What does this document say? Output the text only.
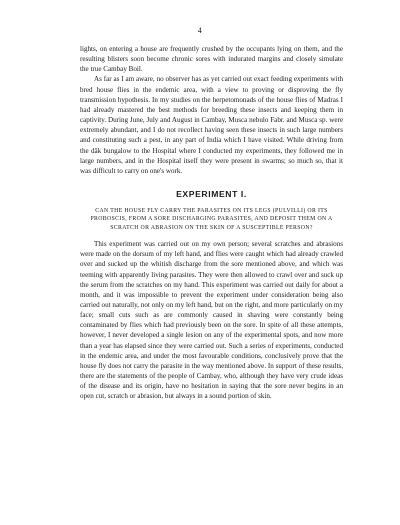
4

lights, on entering a house are frequently crushed by the occupants lying on them, and the resulting blisters soon become chronic sores with indurated margins and closely simulate the true Cambay Boil.

As far as I am aware, no observer has as yet carried out exact feeding experiments with bred house flies in the endemic area, with a view to proving or disproving the fly transmission hypothesis. In my studies on the herpetomonads of the house flies of Madras I had already mastered the best methods for breeding these insects and keeping them in captivity. During June, July and August in Cambay, Musca nebulo Fabr. and Musca sp. were extremely abundant, and I do not recollect having seen these insects in such large numbers and constituting such a pest, in any part of India which I have visited. While driving from the dâk bungalow to the Hospital where I conducted my experiments, they followed me in large numbers, and in the Hospital itself they were present in swarms; so much so, that it was difficult to carry on one's work.

EXPERIMENT I.
CAN THE HOUSE FLY CARRY THE PARASITES ON ITS LEGS (PULVILLI) OR ITS PROBOSCIS, FROM A SORE DISCHARGING PARASITES, AND DEPOSIT THEM ON A SCRATCH OR ABRASION ON THE SKIN OF A SUSCEPTIBLE PERSON?

This experiment was carried out on my own person; several scratches and abrasions were made on the dorsum of my left hand, and flies were caught which had already crawled over and sucked up the whitish discharge from the sore mentioned above, and which was teeming with apparently living parasites. They were then allowed to crawl over and suck up the serum from the scratches on my hand. This experiment was carried out daily for about a month, and it was impossible to prevent the experiment under consideration being also carried out naturally, not only on my left hand, but on the right, and more particularly on my face; small cuts such as are commonly caused in shaving were constantly being contaminated by flies which had previously been on the sore. In spite of all these attempts, however, I never developed a single lesion on any of the experimental spots, and now more than a year has elapsed since they were carried out. Such a series of experiments, conducted in the endemic area, and under the most favourable conditions, conclusively prove that the house fly does not carry the parasite in the way mentioned above. In support of these results, there are the statements of the people of Cambay, who, although they have very crude ideas of the disease and its origin, have no hesitation in saying that the sore never begins in an open cut, scratch or abrasion, but always in a sound portion of skin.
